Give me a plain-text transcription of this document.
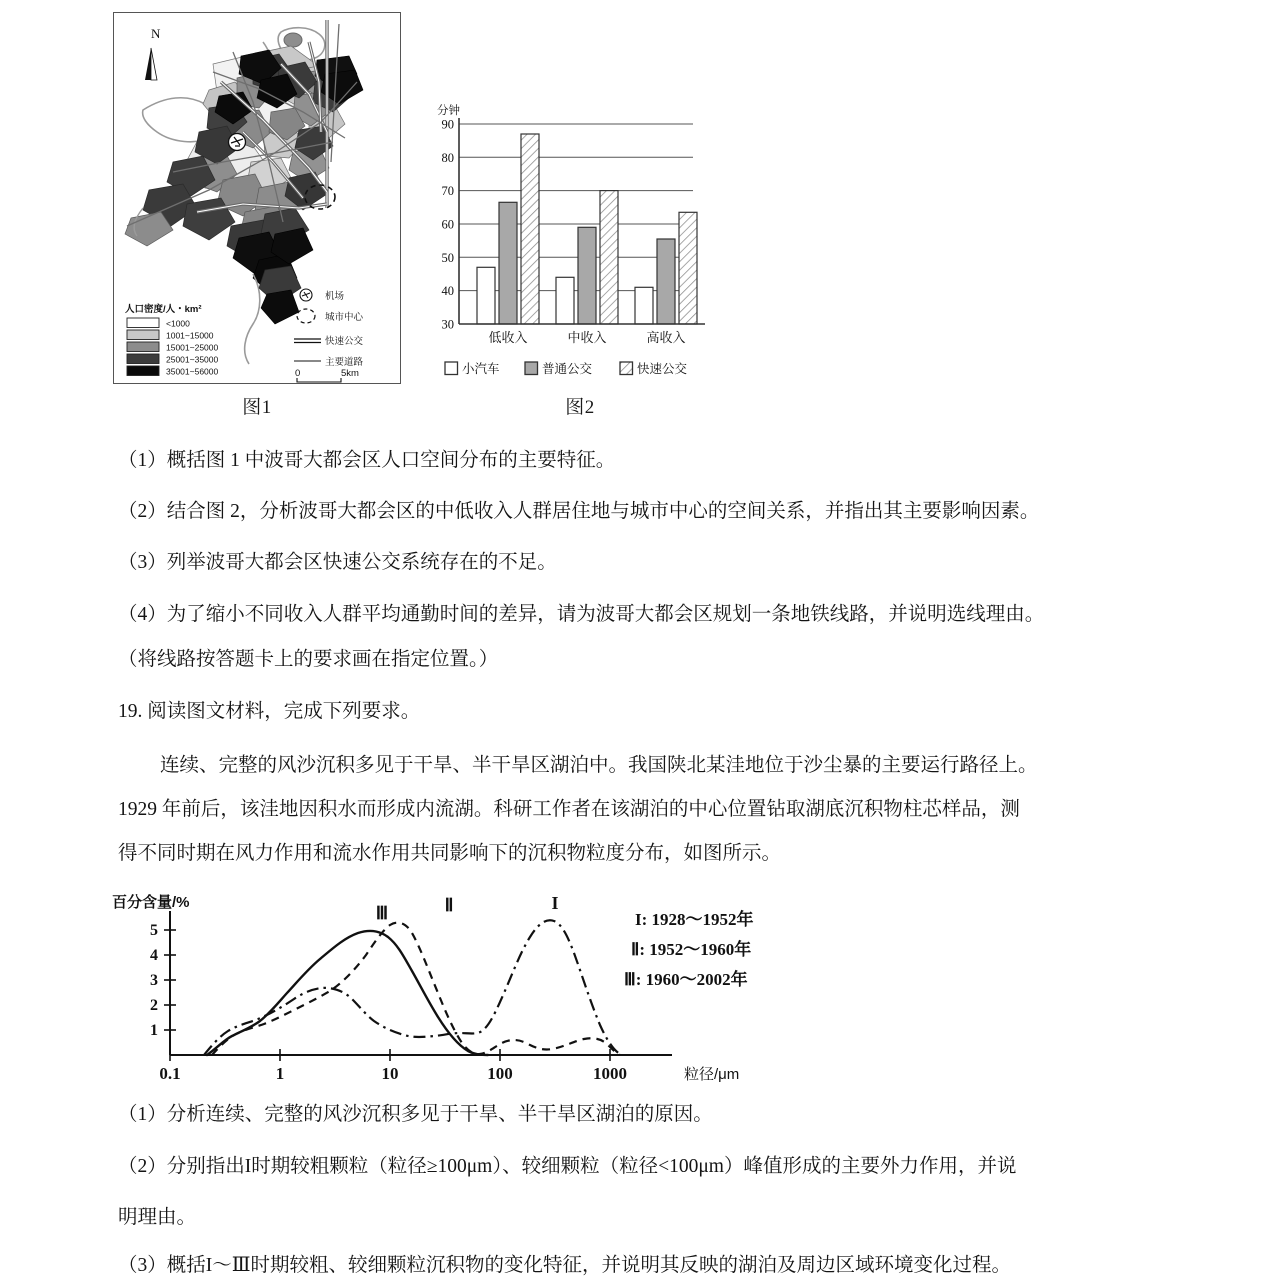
N
人口密度/人・km²
<1000
1001~15000
15001~25000
25001~35000
35001~56000
机场
城市中心
快速公交
主要道路
0	5km
图1
分钟
90
80
70
60
50
40
30
低收入	中收入	高收入
小汽车	普通公交	快速公交
图2
（1）概括图 1 中波哥大都会区人口空间分布的主要特征。
（2）结合图 2，分析波哥大都会区的中低收入人群居住地与城市中心的空间关系，并指出其主要影响因素。
（3）列举波哥大都会区快速公交系统存在的不足。
（4）为了缩小不同收入人群平均通勤时间的差异，请为波哥大都会区规划一条地铁线路，并说明选线理由。
（将线路按答题卡上的要求画在指定位置。）
19. 阅读图文材料，完成下列要求。
连续、完整的风沙沉积多见于干旱、半干旱区湖泊中。我国陕北某洼地位于沙尘暴的主要运行路径上。
1929 年前后，该洼地因积水而形成内流湖。科研工作者在该湖泊的中心位置钻取湖底沉积物柱芯样品，测
得不同时期在风力作用和流水作用共同影响下的沉积物粒度分布，如图所示。
百分含量/%
1
2
3
4
5
0.1	1	10	100	1000	粒径/μm
Ⅲ	Ⅱ	I
I: 1928～1952年
Ⅱ: 1952～1960年
Ⅲ: 1960～2002年
（1）分析连续、完整的风沙沉积多见于干旱、半干旱区湖泊的原因。
（2）分别指出I时期较粗颗粒（粒径≥100μm）、较细颗粒（粒径<100μm）峰值形成的主要外力作用，并说
明理由。
（3）概括I～Ⅲ时期较粗、较细颗粒沉积物的变化特征，并说明其反映的湖泊及周边区域环境变化过程。
